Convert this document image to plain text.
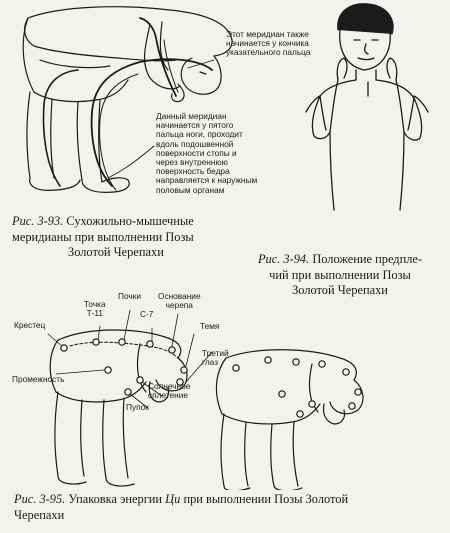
Этот меридиан также
начинается у кончика
указательного пальца
Данный меридиан
начинается у пятого
пальца ноги, проходит
вдоль подошвенной
поверхности стопы и
через внутреннюю
поверхность бедра
направляется к наружным
половым органам
Рис. 3-93. Сухожильно-мышечные
меридианы при выполнении Позы
Золотой Черепахи	Рис. 3-94. Положение предпле-
чий при выполнении Позы
Золотой Черепахи
Крестец
Точка
Т-11
Почки Основание
черепа
С-7
Темя
Третий
глаз
Промежность
Солнечное
сплетение
Пупок
Рис. 3-95. Упаковка энергии Ци при выполнении Позы Золотой
Черепахи
